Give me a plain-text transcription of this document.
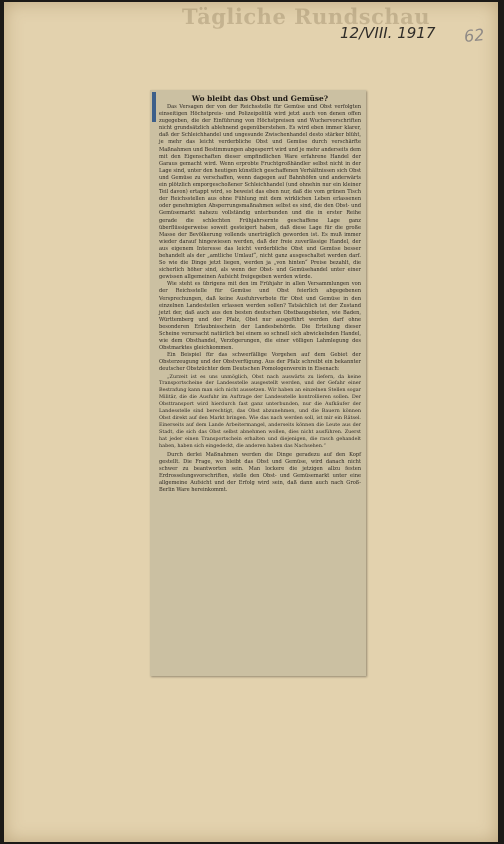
Tägliche Rundschau
12/VIII. 1917 62

Wo bleibt das Obst und Gemüse?

Das Versagen der von der Reichsstelle für Gemüse und Obst verfolgten einseitigen Höchstpreis- und Polizeipolitik wird jetzt auch von denen offen zugegeben, die der Einführung von Höchstpreisen und Wuchervorschriften nicht grundsätzlich ablehnend gegenüberstehen. Es wird eben immer klarer, daß der Schleichhandel und ungesunde Zwischenhandel desto stärker blüht, je mehr das leicht verderbliche Obst und Gemüse durch verschärfte Maßnahmen und Bestimmungen abgesperrt wird und je mehr anderseits dem mit den Eigenschaften dieser empfindlichen Ware erfahrene Handel der Garaus gemacht wird. Wenn erprobte Fruchtgroßhändler selbst nicht in der Lage sind, unter den heutigen künstlich geschaffenen Verhältnissen sich Obst und Gemüse zu verschaffen, wenn dagegen auf Bahnhöfen und anderwärts ein plötzlich emporgeschoßener Schleichhandel (und ohnehin nur ein kleiner Teil davon) ertappt wird, so beweist das eben nur, daß die vom grünen Tisch der Reichsstellen aus ohne Fühlung mit dem wirklichen Leben erlassenen oder genehmigten Absperrungsmaßnahmen selbst es sind, die den Obst- und Gemüsemarkt nahezu vollständig unterbunden und die in erster Reihe gerade die schlechten Frühjahrsernte geschaffene Lage ganz überflüssigerweise soweit gesteigert haben, daß diese Lage für die große Masse der Bevölkerung vollends unerträglich geworden ist. Es muß immer wieder darauf hingewiesen werden, daß der freie zuverlässige Handel, der aus eigenem Interesse das leicht verderbliche Obst und Gemüse besser behandelt als der „amtliche Umlauf“, nicht ganz ausgeschaltet werden darf. So wie die Dinge jetzt liegen, werden ja „von hinten“ Preise bezahlt, die sicherlich höher sind, als wenn der Obst- und Gemüsehandel unter einer gewissen allgemeinen Aufsicht freigegeben werden würde.

Wie steht es übrigens mit den im Frühjahr in allen Versammlungen von der Reichsstelle für Gemüse und Obst feierlich abgegebenen Versprechungen, daß keine Ausfuhrverbote für Obst und Gemüse in den einzelnen Landesteilen erlassen werden sollen? Tatsächlich ist der Zustand jetzt der, daß auch aus den besten deutschen Obstbaugebieten, wie Baden, Württemberg und der Pfalz, Obst nur ausgeführt werden darf ohne besonderen Erlaubnisschein der Landesbehörde. Die Erteilung dieser Scheine verursacht natürlich bei einem so schnell sich abwickelnden Handel, wie dem Obsthandel, Verzögerungen, die einer völligen Lahmlegung des Obstmarktes gleichkommen.

Ein Beispiel für das schwerfällige Vorgehen auf dem Gebiet der Obsterzeugung und der Obstverfügung. Aus der Pfalz schreibt ein bekannter deutscher Obstzüchter dem Deutschen Pomologenverein in Eisenach:

„Zurzeit ist es uns unmöglich, Obst nach auswärts zu liefern, da keine Transportscheine der Landesstelle ausgestellt werden, und der Gefahr einer Bestrafung kann man sich nicht aussetzen. Wir haben an einzelnen Stellen sogar Militär, die die Ausfuhr im Auftrage der Landesstelle kontrollieren sollen. Der Obsttransport wird hierdurch fast ganz unterbunden, nur die Aufkäufer der Landesstelle sind berechtigt, das Obst abzunehmen, und die Bauern können Obst direkt auf den Markt bringen. Wie das nach werden soll, ist mir ein Rätsel. Einerseits auf dem Lande Arbeitermangel, anderseits können die Leute aus der Stadt, die sich das Obst selbst abnehmen wollen, dies nicht ausführen. Zuerst hat jeder einen Transportschein erhalten und diejenigen, die rasch gehandelt haben, haben sich eingedeckt, die anderen haben das Nachsehen.“

Durch derlei Maßnahmen werden die Dinge geradezu auf den Kopf gestellt. Die Frage, wo bleibt das Obst und Gemüse, wird danach nicht schwer zu beantworten sein. Man lockere die jetzigen allzu festen Erdrosselungsvorschriften, stelle den Obst- und Gemüsemarkt unter eine allgemeine Aufsicht und der Erfolg wird sein, daß dann auch nach Groß-Berlin Ware hereinkommt.
